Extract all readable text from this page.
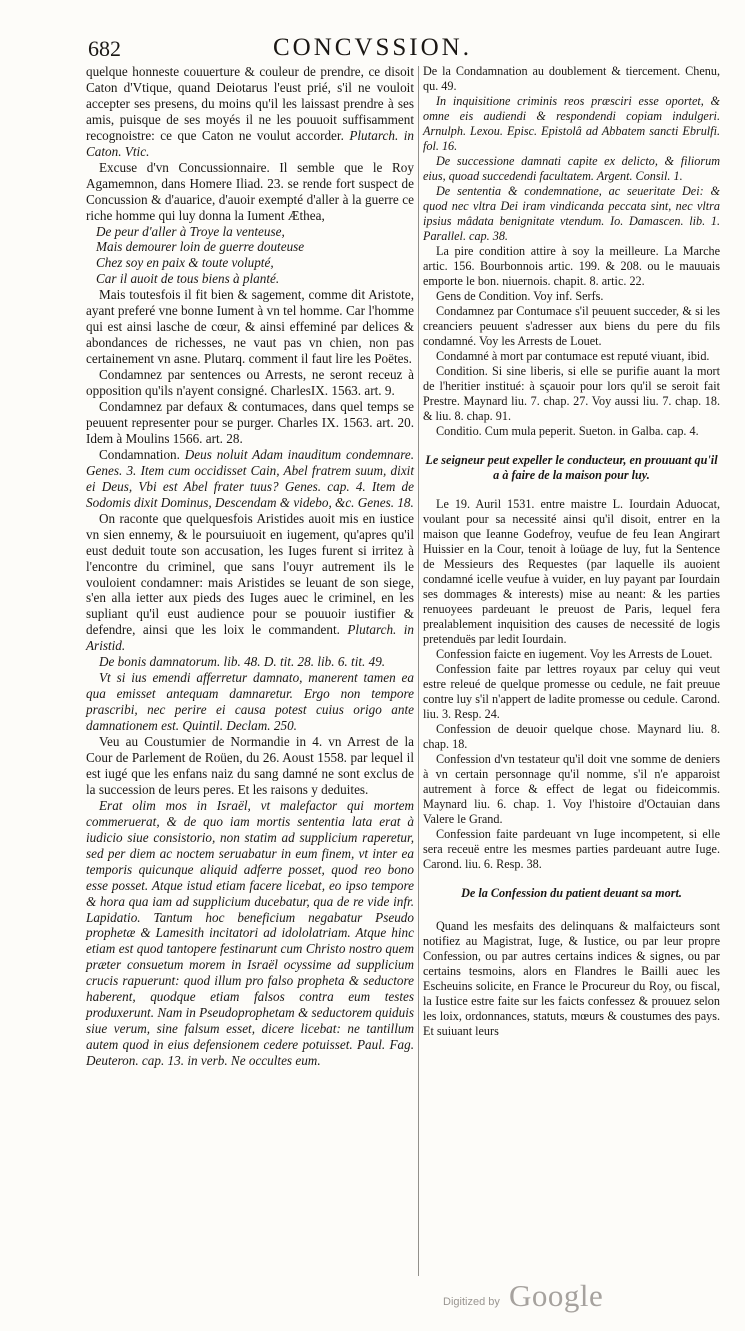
682	CONCVSSION.

quelque honneste couuerture & couleur de prendre, ce disoit Caton d'Vtique, quand Deiotarus l'eust prié, s'il ne vouloit accepter ses presens, du moins qu'il les laissast prendre à ses amis, puisque de ses moyés il ne les pouuoit suffisamment recognoistre: ce que Caton ne voulut accorder. Plutarch. in Caton. Vtic.

Excuse d'vn Concussionnaire. Il semble que le Roy Agamemnon, dans Homere Iliad. 23. se rende fort suspect de Concussion & d'auarice, d'auoir exempté d'aller à la guerre ce riche homme qui luy donna la Iument Æthea,

De peur d'aller à Troye la venteuse,

Mais demourer loin de guerre douteuse

Chez soy en paix & toute volupté,

Car il auoit de tous biens à planté.

Mais toutesfois il fit bien & sagement, comme dit Aristote, ayant preferé vne bonne Iument à vn tel homme. Car l'homme qui est ainsi lasche de cœur, & ainsi effeminé par delices & abondances de richesses, ne vaut pas vn chien, non pas certainement vn asne. Plutarq. comment il faut lire les Poëtes.

Condamnez par sentences ou Arrests, ne seront receuz à opposition qu'ils n'ayent consigné. CharlesIX. 1563. art. 9.

Condamnez par defaux & contumaces, dans quel temps se peuuent representer pour se purger. Charles IX. 1563. art. 20. Idem à Moulins 1566. art. 28.

Condamnation. Deus noluit Adam inauditum condemnare. Genes. 3. Item cum occidisset Cain, Abel fratrem suum, dixit ei Deus, Vbi est Abel frater tuus? Genes. cap. 4. Item de Sodomis dixit Dominus, Descendam & videbo, &c. Genes. 18.

On raconte que quelquesfois Aristides auoit mis en iustice vn sien ennemy, & le poursuiuoit en iugement, qu'apres qu'il eust deduit toute son accusation, les Iuges furent si irritez à l'encontre du criminel, que sans l'ouyr autrement ils le vouloient condamner: mais Aristides se leuant de son siege, s'en alla ietter aux pieds des Iuges auec le criminel, en les supliant qu'il eust audience pour se pouuoir iustifier & defendre, ainsi que les loix le commandent. Plutarch. in Aristid.

De bonis damnatorum. lib. 48. D. tit. 28. lib. 6. tit. 49.

Vt si ius emendi afferretur damnato, manerent tamen ea qua emisset antequam damnaretur. Ergo non tempore prascribi, nec perire ei causa potest cuius origo ante damnationem est. Quintil. Declam. 250.

Veu au Coustumier de Normandie in 4. vn Arrest de la Cour de Parlement de Roüen, du 26. Aoust 1558. par lequel il est iugé que les enfans naiz du sang damné ne sont exclus de la succession de leurs peres. Et les raisons y deduites.

Erat olim mos in Israël, vt malefactor qui mortem commeruerat, & de quo iam mortis sententia lata erat à iudicio siue consistorio, non statim ad supplicium raperetur, sed per diem ac noctem seruabatur in eum finem, vt inter ea temporis quicunque aliquid adferre posset, quod reo bono esse posset. Atque istud etiam facere licebat, eo ipso tempore & hora qua iam ad supplicium ducebatur, qua de re vide infr. Lapidatio. Tantum hoc beneficium negabatur Pseudo prophetæ & Lamesith incitatori ad idololatriam. Atque hinc etiam est quod tantopere festinarunt cum Christo nostro quem præter consuetum morem in Israël ocyssime ad supplicium crucis rapuerunt: quod illum pro falso propheta & seductore haberent, quodque etiam falsos contra eum testes produxerunt. Nam in Pseudoprophetam & seductorem quiduis siue verum, sine falsum esset, dicere licebat: ne tantillum autem quod in eius defensionem cedere potuisset. Paul. Fag. Deuteron. cap. 13. in verb. Ne occultes eum.

De la Condamnation au doublement & tiercement. Chenu, qu. 49.

In inquisitione criminis reos præsciri esse oportet, & omne eis audiendi & respondendi copiam indulgeri. Arnulph. Lexou. Episc. Epistolâ ad Abbatem sancti Ebrulfi. fol. 16.

De successione damnati capite ex delicto, & filiorum eius, quoad succedendi facultatem. Argent. Consil. 1.

De sententia & condemnatione, ac seueritate Dei: & quod nec vltra Dei iram vindicanda peccata sint, nec vltra ipsius mâdata benignitate vtendum. Io. Damascen. lib. 1. Parallel. cap. 38.

La pire condition attire à soy la meilleure. La Marche artic. 156. Bourbonnois artic. 199. & 208. ou le mauuais emporte le bon. niuernois. chapit. 8. artic. 22.

Gens de Condition. Voy inf. Serfs.

Condamnez par Contumace s'il peuuent succeder, & si les creanciers peuuent s'adresser aux biens du pere du fils condamné. Voy les Arrests de Louet.

Condamné à mort par contumace est reputé viuant, ibid.

Condition. Si sine liberis, si elle se purifie auant la mort de l'heritier institué: à sçauoir pour lors qu'il se seroit fait Prestre. Maynard liu. 7. chap. 27. Voy aussi liu. 7. chap. 18. & liu. 8. chap. 91.

Conditio. Cum mula peperit. Sueton. in Galba. cap. 4.

Le seigneur peut expeller le conducteur, en prouuant qu'il a à faire de la maison pour luy.

Le 19. Auril 1531. entre maistre L. Iourdain Aduocat, voulant pour sa necessité ainsi qu'il disoit, entrer en la maison que Ieanne Godefroy, veufue de feu Iean Angirart Huissier en la Cour, tenoit à loüage de luy, fut la Sentence de Messieurs des Requestes (par laquelle ils auoient condamné icelle veufue à vuider, en luy payant par Iourdain ses dommages & interests) mise au neant: & les parties renuoyees pardeuant le preuost de Paris, lequel fera prealablement inquisition des causes de necessité de logis pretenduës par ledit Iourdain.

Confession faicte en iugement. Voy les Arrests de Louet.

Confession faite par lettres royaux par celuy qui veut estre releué de quelque promesse ou cedule, ne fait preuue contre luy s'il n'appert de ladite promesse ou cedule. Carond. liu. 3. Resp. 24.

Confession de deuoir quelque chose. Maynard liu. 8. chap. 18.

Confession d'vn testateur qu'il doit vne somme de deniers à vn certain personnage qu'il nomme, s'il n'e apparoist autrement à force & effect de legat ou fideicommis. Maynard liu. 6. chap. 1. Voy l'histoire d'Octauian dans Valere le Grand.

Confession faite pardeuant vn Iuge incompetent, si elle sera receuë entre les mesmes parties pardeuant autre Iuge. Carond. liu. 6. Resp. 38.

De la Confession du patient deuant sa mort.

Quand les mesfaits des delinquans & malfaicteurs sont notifiez au Magistrat, Iuge, & Iustice, ou par leur propre Confession, ou par autres certains indices & signes, ou par certains tesmoins, alors en Flandres le Bailli auec les Escheuins solicite, en France le Procureur du Roy, ou fiscal, la Iustice estre faite sur les faicts confessez & prouuez selon les loix, ordonnances, statuts, mœurs & coustumes des pays. Et suiuant leurs

Digitized by Google
